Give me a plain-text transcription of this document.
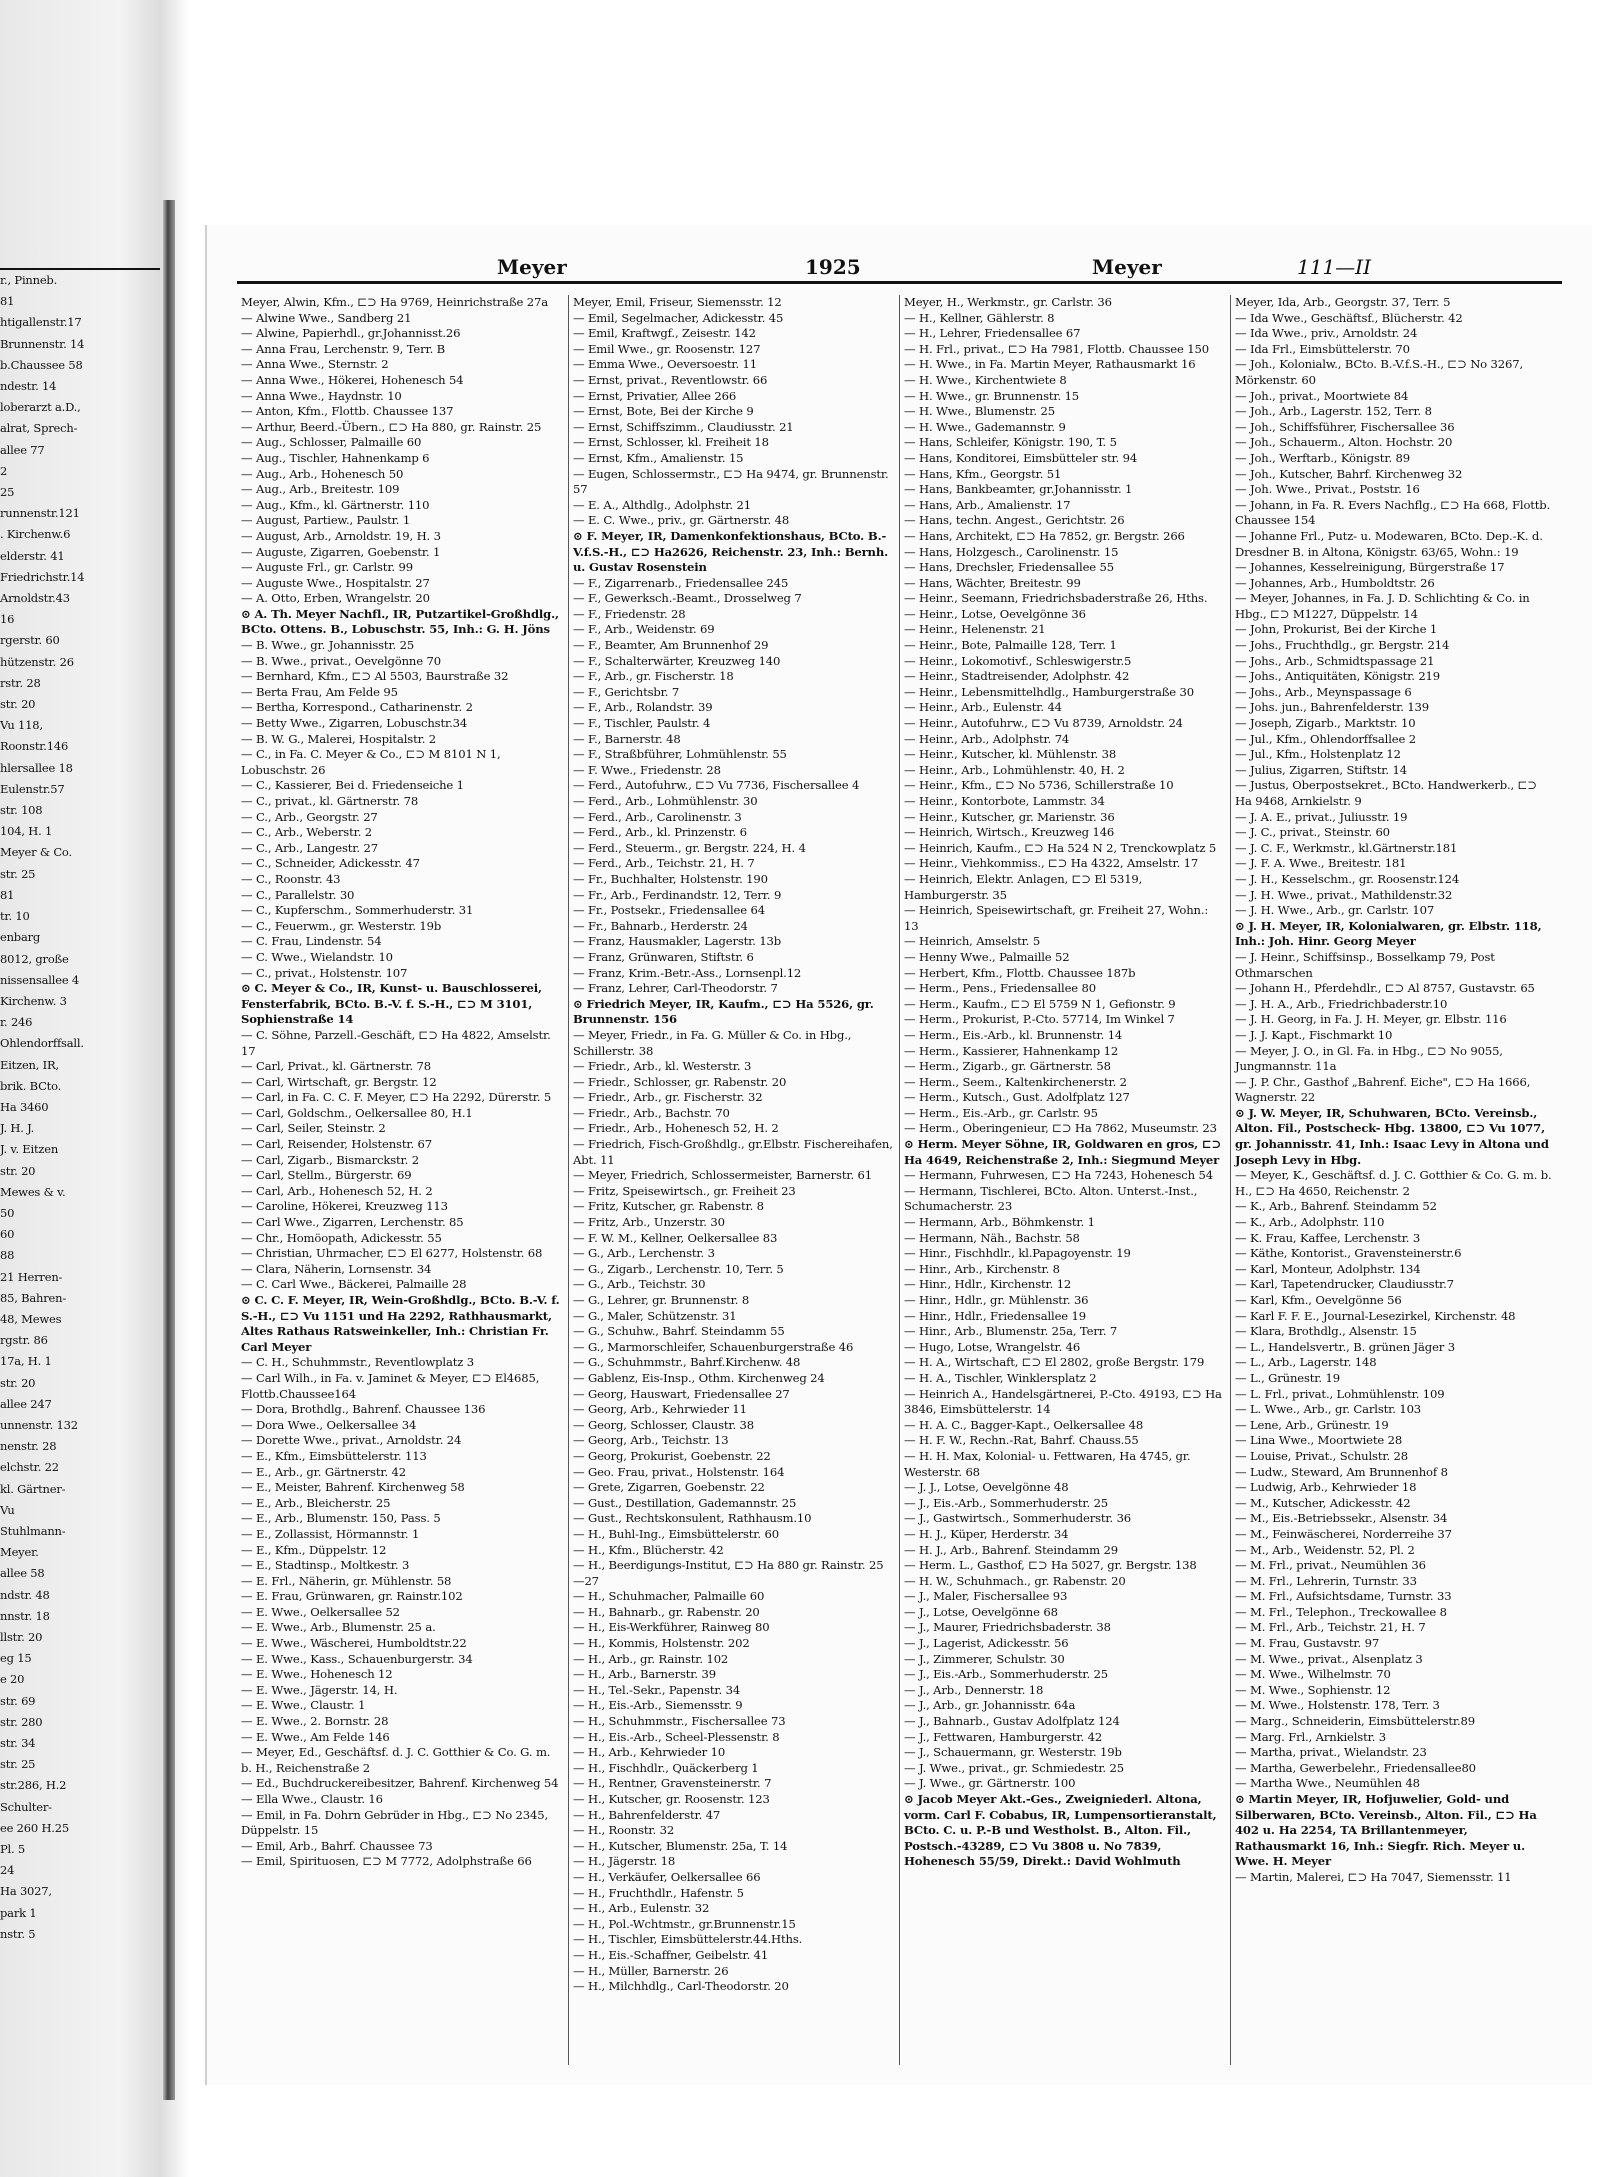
r., Pinneb.
81
htigallenstr.17
Brunnenstr. 14
b.Chaussee 58
ndestr. 14
loberarzt a.D.,
alrat, Sprech-
allee 77
2
25
runnenstr.121
. Kirchenw.6
elderstr. 41
Friedrichstr.14
Arnoldstr.43
16
rgerstr. 60
hützenstr. 26
rstr. 28
str. 20
Vu 118,
Roonstr.146
hlersallee 18
Eulenstr.57
str. 108
104, H. 1
Meyer & Co.
str. 25
81
tr. 10
enbarg
8012, große
nissensallee 4
Kirchenw. 3
r. 246
Ohlendorffsall.
Eitzen, IR,
brik. BCto.
Ha 3460
J. H. J.
J. v. Eitzen
str. 20
Mewes & v.
50
60
88
21 Herren-
85, Bahren-
48, Mewes
rgstr. 86
17a, H. 1
str. 20
allee 247
unnenstr. 132
nenstr. 28
elchstr. 22
kl. Gärtner-
Vu
Stuhlmann-
Meyer.
allee 58
ndstr. 48
nnstr. 18
llstr. 20
eg 15
e 20
str. 69
str. 280
str. 34
str. 25
str.286, H.2
Schulter-
ee 260 H.25
Pl. 5
24
Ha 3027,
park 1
nstr. 5
Meyer	1925	Meyer	111—II

Meyer, Alwin, Kfm., ⊏⊃ Ha 9769, Heinrichstraße 27a

— Alwine Wwe., Sandberg 21

— Alwine, Papierhdl., gr.Johannisst.26

— Anna Frau, Lerchenstr. 9, Terr. B

— Anna Wwe., Sternstr. 2

— Anna Wwe., Hökerei, Hohenesch 54

— Anna Wwe., Haydnstr. 10

— Anton, Kfm., Flottb. Chaussee 137

— Arthur, Beerd.-Übern., ⊏⊃ Ha 880, gr. Rainstr. 25

— Aug., Schlosser, Palmaille 60

— Aug., Tischler, Hahnenkamp 6

— Aug., Arb., Hohenesch 50

— Aug., Arb., Breitestr. 109

— Aug., Kfm., kl. Gärtnerstr. 110

— August, Partiew., Paulstr. 1

— August, Arb., Arnoldstr. 19, H. 3

— Auguste, Zigarren, Goebenstr. 1

— Auguste Frl., gr. Carlstr. 99

— Auguste Wwe., Hospitalstr. 27

— A. Otto, Erben, Wrangelstr. 20

⊙ A. Th. Meyer Nachfl., IR, Putzartikel-Großhdlg., BCto. Ottens. B., Lobuschstr. 55, Inh.: G. H. Jöns

— B. Wwe., gr. Johannisstr. 25

— B. Wwe., privat., Oevelgönne 70

— Bernhard, Kfm., ⊏⊃ Al 5503, Baurstraße 32

— Berta Frau, Am Felde 95

— Bertha, Korrespond., Catharinenstr. 2

— Betty Wwe., Zigarren, Lobuschstr.34

— B. W. G., Malerei, Hospitalstr. 2

— C., in Fa. C. Meyer & Co., ⊏⊃ M 8101 N 1, Lobuschstr. 26

— C., Kassierer, Bei d. Friedenseiche 1

— C., privat., kl. Gärtnerstr. 78

— C., Arb., Georgstr. 27

— C., Arb., Weberstr. 2

— C., Arb., Langestr. 27

— C., Schneider, Adickesstr. 47

— C., Roonstr. 43

— C., Parallelstr. 30

— C., Kupferschm., Sommerhuderstr. 31

— C., Feuerwm., gr. Westerstr. 19b

— C. Frau, Lindenstr. 54

— C. Wwe., Wielandstr. 10

— C., privat., Holstenstr. 107

⊙ C. Meyer & Co., IR, Kunst- u. Bauschlosserei, Fensterfabrik, BCto. B.-V. f. S.-H., ⊏⊃ M 3101, Sophienstraße 14

— C. Söhne, Parzell.-Geschäft, ⊏⊃ Ha 4822, Amselstr. 17

— Carl, Privat., kl. Gärtnerstr. 78

— Carl, Wirtschaft, gr. Bergstr. 12

— Carl, in Fa. C. C. F. Meyer, ⊏⊃ Ha 2292, Dürerstr. 5

— Carl, Goldschm., Oelkersallee 80, H.1

— Carl, Seiler, Steinstr. 2

— Carl, Reisender, Holstenstr. 67

— Carl, Zigarb., Bismarckstr. 2

— Carl, Stellm., Bürgerstr. 69

— Carl, Arb., Hohenesch 52, H. 2

— Caroline, Hökerei, Kreuzweg 113

— Carl Wwe., Zigarren, Lerchenstr. 85

— Chr., Homöopath, Adickesstr. 55

— Christian, Uhrmacher, ⊏⊃ El 6277, Holstenstr. 68

— Clara, Näherin, Lornsenstr. 34

— C. Carl Wwe., Bäckerei, Palmaille 28

⊙ C. C. F. Meyer, IR, Wein-Großhdlg., BCto. B.-V. f. S.-H., ⊏⊃ Vu 1151 und Ha 2292, Rathhausmarkt, Altes Rathaus Ratsweinkeller, Inh.: Christian Fr. Carl Meyer

— C. H., Schuhmmstr., Reventlowplatz 3

— Carl Wilh., in Fa. v. Jaminet & Meyer, ⊏⊃ El4685, Flottb.Chaussee164

— Dora, Brothdlg., Bahrenf. Chaussee 136

— Dora Wwe., Oelkersallee 34

— Dorette Wwe., privat., Arnoldstr. 24

— E., Kfm., Eimsbüttelerstr. 113

— E., Arb., gr. Gärtnerstr. 42

— E., Meister, Bahrenf. Kirchenweg 58

— E., Arb., Bleicherstr. 25

— E., Arb., Blumenstr. 150, Pass. 5

— E., Zollassist, Hörmannstr. 1

— E., Kfm., Düppelstr. 12

— E., Stadtinsp., Moltkestr. 3

— E. Frl., Näherin, gr. Mühlenstr. 58

— E. Frau, Grünwaren, gr. Rainstr.102

— E. Wwe., Oelkersallee 52

— E. Wwe., Arb., Blumenstr. 25 a.

— E. Wwe., Wäscherei, Humboldtstr.22

— E. Wwe., Kass., Schauenburgerstr. 34

— E. Wwe., Hohenesch 12

— E. Wwe., Jägerstr. 14, H.

— E. Wwe., Claustr. 1

— E. Wwe., 2. Bornstr. 28

— E. Wwe., Am Felde 146

— Meyer, Ed., Geschäftsf. d. J. C. Gotthier & Co. G. m. b. H., Reichenstraße 2

— Ed., Buchdruckereibesitzer, Bahrenf. Kirchenweg 54

— Ella Wwe., Claustr. 16

— Emil, in Fa. Dohrn Gebrüder in Hbg., ⊏⊃ No 2345, Düppelstr. 15

— Emil, Arb., Bahrf. Chaussee 73

— Emil, Spirituosen, ⊏⊃ M 7772, Adolphstraße 66

Meyer, Emil, Friseur, Siemensstr. 12

— Emil, Segelmacher, Adickesstr. 45

— Emil, Kraftwgf., Zeisestr. 142

— Emil Wwe., gr. Roosenstr. 127

— Emma Wwe., Oeversoestr. 11

— Ernst, privat., Reventlowstr. 66

— Ernst, Privatier, Allee 266

— Ernst, Bote, Bei der Kirche 9

— Ernst, Schiffszimm., Claudiusstr. 21

— Ernst, Schlosser, kl. Freiheit 18

— Ernst, Kfm., Amalienstr. 15

— Eugen, Schlossermstr., ⊏⊃ Ha 9474, gr. Brunnenstr. 57

— E. A., Althdlg., Adolphstr. 21

— E. C. Wwe., priv., gr. Gärtnerstr. 48

⊙ F. Meyer, IR, Damenkonfektionshaus, BCto. B.-V.f.S.-H., ⊏⊃ Ha2626, Reichenstr. 23, Inh.: Bernh. u. Gustav Rosenstein

— F., Zigarrenarb., Friedensallee 245

— F., Gewerksch.-Beamt., Drosselweg 7

— F., Friedenstr. 28

— F., Arb., Weidenstr. 69

— F., Beamter, Am Brunnenhof 29

— F., Schalterwärter, Kreuzweg 140

— F., Arb., gr. Fischerstr. 18

— F., Gerichtsbr. 7

— F., Arb., Rolandstr. 39

— F., Tischler, Paulstr. 4

— F., Barnerstr. 48

— F., Straßbführer, Lohmühlenstr. 55

— F. Wwe., Friedenstr. 28

— Ferd., Autofuhrw., ⊏⊃ Vu 7736, Fischersallee 4

— Ferd., Arb., Lohmühlenstr. 30

— Ferd., Arb., Carolinenstr. 3

— Ferd., Arb., kl. Prinzenstr. 6

— Ferd., Steuerm., gr. Bergstr. 224, H. 4

— Ferd., Arb., Teichstr. 21, H. 7

— Fr., Buchhalter, Holstenstr. 190

— Fr., Arb., Ferdinandstr. 12, Terr. 9

— Fr., Postsekr., Friedensallee 64

— Fr., Bahnarb., Herderstr. 24

— Franz, Hausmakler, Lagerstr. 13b

— Franz, Grünwaren, Stiftstr. 6

— Franz, Krim.-Betr.-Ass., Lornsenpl.12

— Franz, Lehrer, Carl-Theodorstr. 7

⊙ Friedrich Meyer, IR, Kaufm., ⊏⊃ Ha 5526, gr. Brunnenstr. 156

— Meyer, Friedr., in Fa. G. Müller & Co. in Hbg., Schillerstr. 38

— Friedr., Arb., kl. Westerstr. 3

— Friedr., Schlosser, gr. Rabenstr. 20

— Friedr., Arb., gr. Fischerstr. 32

— Friedr., Arb., Bachstr. 70

— Friedr., Arb., Hohenesch 52, H. 2

— Friedrich, Fisch-Großhdlg., gr.Elbstr. Fischereihafen, Abt. 11

— Meyer, Friedrich, Schlossermeister, Barnerstr. 61

— Fritz, Speisewirtsch., gr. Freiheit 23

— Fritz, Kutscher, gr. Rabenstr. 8

— Fritz, Arb., Unzerstr. 30

— F. W. M., Kellner, Oelkersallee 83

— G., Arb., Lerchenstr. 3

— G., Zigarb., Lerchenstr. 10, Terr. 5

— G., Arb., Teichstr. 30

— G., Lehrer, gr. Brunnenstr. 8

— G., Maler, Schützenstr. 31

— G., Schuhw., Bahrf. Steindamm 55

— G., Marmorschleifer, Schauenburgerstraße 46

— G., Schuhmmstr., Bahrf.Kirchenw. 48

— Gablenz, Eis-Insp., Othm. Kirchenweg 24

— Georg, Hauswart, Friedensallee 27

— Georg, Arb., Kehrwieder 11

— Georg, Schlosser, Claustr. 38

— Georg, Arb., Teichstr. 13

— Georg, Prokurist, Goebenstr. 22

— Geo. Frau, privat., Holstenstr. 164

— Grete, Zigarren, Goebenstr. 22

— Gust., Destillation, Gademannstr. 25

— Gust., Rechtskonsulent, Rathhausm.10

— H., Buhl-Ing., Eimsbüttelerstr. 60

— H., Kfm., Blücherstr. 42

— H., Beerdigungs-Institut, ⊏⊃ Ha 880 gr. Rainstr. 25—27

— H., Schuhmacher, Palmaille 60

— H., Bahnarb., gr. Rabenstr. 20

— H., Eis-Werkführer, Rainweg 80

— H., Kommis, Holstenstr. 202

— H., Arb., gr. Rainstr. 102

— H., Arb., Barnerstr. 39

— H., Tel.-Sekr., Papenstr. 34

— H., Eis.-Arb., Siemensstr. 9

— H., Schuhmmstr., Fischersallee 73

— H., Eis.-Arb., Scheel-Plessenstr. 8

— H., Arb., Kehrwieder 10

— H., Fischhdlr., Quäckerberg 1

— H., Rentner, Gravensteinerstr. 7

— H., Kutscher, gr. Roosenstr. 123

— H., Bahrenfelderstr. 47

— H., Roonstr. 32

— H., Kutscher, Blumenstr. 25a, T. 14

— H., Jägerstr. 18

— H., Verkäufer, Oelkersallee 66

— H., Fruchthdlr., Hafenstr. 5

— H., Arb., Eulenstr. 32

— H., Pol.-Wchtmstr., gr.Brunnenstr.15

— H., Tischler, Eimsbüttelerstr.44.Hths.

— H., Eis.-Schaffner, Geibelstr. 41

— H., Müller, Barnerstr. 26

— H., Milchhdlg., Carl-Theodorstr. 20

Meyer, H., Werkmstr., gr. Carlstr. 36

— H., Kellner, Gählerstr. 8

— H., Lehrer, Friedensallee 67

— H. Frl., privat., ⊏⊃ Ha 7981, Flottb. Chaussee 150

— H. Wwe., in Fa. Martin Meyer, Rathausmarkt 16

— H. Wwe., Kirchentwiete 8

— H. Wwe., gr. Brunnenstr. 15

— H. Wwe., Blumenstr. 25

— H. Wwe., Gademannstr. 9

— Hans, Schleifer, Königstr. 190, T. 5

— Hans, Konditorei, Eimsbütteler str. 94

— Hans, Kfm., Georgstr. 51

— Hans, Bankbeamter, gr.Johannisstr. 1

— Hans, Arb., Amalienstr. 17

— Hans, techn. Angest., Gerichtstr. 26

— Hans, Architekt, ⊏⊃ Ha 7852, gr. Bergstr. 266

— Hans, Holzgesch., Carolinenstr. 15

— Hans, Drechsler, Friedensallee 55

— Hans, Wächter, Breitestr. 99

— Heinr., Seemann, Friedrichsbaderstraße 26, Hths.

— Heinr., Lotse, Oevelgönne 36

— Heinr., Helenenstr. 21

— Heinr., Bote, Palmaille 128, Terr. 1

— Heinr., Lokomotivf., Schleswigerstr.5

— Heinr., Stadtreisender, Adolphstr. 42

— Heinr., Lebensmittelhdlg., Hamburgerstraße 30

— Heinr., Arb., Eulenstr. 44

— Heinr., Autofuhrw., ⊏⊃ Vu 8739, Arnoldstr. 24

— Heinr., Arb., Adolphstr. 74

— Heinr., Kutscher, kl. Mühlenstr. 38

— Heinr., Arb., Lohmühlenstr. 40, H. 2

— Heinr., Kfm., ⊏⊃ No 5736, Schillerstraße 10

— Heinr., Kontorbote, Lammstr. 34

— Heinr., Kutscher, gr. Marienstr. 36

— Heinrich, Wirtsch., Kreuzweg 146

— Heinrich, Kaufm., ⊏⊃ Ha 524 N 2, Trenckowplatz 5

— Heinr., Viehkommiss., ⊏⊃ Ha 4322, Amselstr. 17

— Heinrich, Elektr. Anlagen, ⊏⊃ El 5319, Hamburgerstr. 35

— Heinrich, Speisewirtschaft, gr. Freiheit 27, Wohn.: 13

— Heinrich, Amselstr. 5

— Henny Wwe., Palmaille 52

— Herbert, Kfm., Flottb. Chaussee 187b

— Herm., Pens., Friedensallee 80

— Herm., Kaufm., ⊏⊃ El 5759 N 1, Gefionstr. 9

— Herm., Prokurist, P.-Cto. 57714, Im Winkel 7

— Herm., Eis.-Arb., kl. Brunnenstr. 14

— Herm., Kassierer, Hahnenkamp 12

— Herm., Zigarb., gr. Gärtnerstr. 58

— Herm., Seem., Kaltenkirchenerstr. 2

— Herm., Kutsch., Gust. Adolfplatz 127

— Herm., Eis.-Arb., gr. Carlstr. 95

— Herm., Oberingenieur, ⊏⊃ Ha 7862, Museumstr. 23

⊙ Herm. Meyer Söhne, IR, Goldwaren en gros, ⊏⊃ Ha 4649, Reichenstraße 2, Inh.: Siegmund Meyer

— Hermann, Fuhrwesen, ⊏⊃ Ha 7243, Hohenesch 54

— Hermann, Tischlerei, BCto. Alton. Unterst.-Inst., Schumacherstr. 23

— Hermann, Arb., Böhmkenstr. 1

— Hermann, Näh., Bachstr. 58

— Hinr., Fischhdlr., kl.Papagoyenstr. 19

— Hinr., Arb., Kirchenstr. 8

— Hinr., Hdlr., Kirchenstr. 12

— Hinr., Hdlr., gr. Mühlenstr. 36

— Hinr., Hdlr., Friedensallee 19

— Hinr., Arb., Blumenstr. 25a, Terr. 7

— Hugo, Lotse, Wrangelstr. 46

— H. A., Wirtschaft, ⊏⊃ El 2802, große Bergstr. 179

— H. A., Tischler, Winklersplatz 2

— Heinrich A., Handelsgärtnerei, P.-Cto. 49193, ⊏⊃ Ha 3846, Eimsbüttelerstr. 14

— H. A. C., Bagger-Kapt., Oelkersallee 48

— H. F. W., Rechn.-Rat, Bahrf. Chauss.55

— H. H. Max, Kolonial- u. Fettwaren, Ha 4745, gr. Westerstr. 68

— J. J., Lotse, Oevelgönne 48

— J., Eis.-Arb., Sommerhuderstr. 25

— J., Gastwirtsch., Sommerhuderstr. 36

— H. J., Küper, Herderstr. 34

— H. J., Arb., Bahrenf. Steindamm 29

— Herm. L., Gasthof, ⊏⊃ Ha 5027, gr. Bergstr. 138

— H. W., Schuhmach., gr. Rabenstr. 20

— J., Maler, Fischersallee 93

— J., Lotse, Oevelgönne 68

— J., Maurer, Friedrichsbaderstr. 38

— J., Lagerist, Adickesstr. 56

— J., Zimmerer, Schulstr. 30

— J., Eis.-Arb., Sommerhuderstr. 25

— J., Arb., Dennerstr. 18

— J., Arb., gr. Johannisstr. 64a

— J., Bahnarb., Gustav Adolfplatz 124

— J., Fettwaren, Hamburgerstr. 42

— J., Schauermann, gr. Westerstr. 19b

— J. Wwe., privat., gr. Schmiedestr. 25

— J. Wwe., gr. Gärtnerstr. 100

⊙ Jacob Meyer Akt.-Ges., Zweigniederl. Altona, vorm. Carl F. Cobabus, IR, Lumpensortieranstalt, BCto. C. u. P.-B und Westholst. B., Alton. Fil., Postsch.-43289, ⊏⊃ Vu 3808 u. No 7839, Hohenesch 55/59, Direkt.: David Wohlmuth

Meyer, Ida, Arb., Georgstr. 37, Terr. 5

— Ida Wwe., Geschäftsf., Blücherstr. 42

— Ida Wwe., priv., Arnoldstr. 24

— Ida Frl., Eimsbüttelerstr. 70

— Joh., Kolonialw., BCto. B.-V.f.S.-H., ⊏⊃ No 3267, Mörkenstr. 60

— Joh., privat., Moortwiete 84

— Joh., Arb., Lagerstr. 152, Terr. 8

— Joh., Schiffsführer, Fischersallee 36

— Joh., Schauerm., Alton. Hochstr. 20

— Joh., Werftarb., Königstr. 89

— Joh., Kutscher, Bahrf. Kirchenweg 32

— Joh. Wwe., Privat., Poststr. 16

— Johann, in Fa. R. Evers Nachflg., ⊏⊃ Ha 668, Flottb. Chaussee 154

— Johanne Frl., Putz- u. Modewaren, BCto. Dep.-K. d. Dresdner B. in Altona, Königstr. 63/65, Wohn.: 19

— Johannes, Kesselreinigung, Bürgerstraße 17

— Johannes, Arb., Humboldtstr. 26

— Meyer, Johannes, in Fa. J. D. Schlichting & Co. in Hbg., ⊏⊃ M1227, Düppelstr. 14

— John, Prokurist, Bei der Kirche 1

— Johs., Fruchthdlg., gr. Bergstr. 214

— Johs., Arb., Schmidtspassage 21

— Johs., Antiquitäten, Königstr. 219

— Johs., Arb., Meynspassage 6

— Johs. jun., Bahrenfelderstr. 139

— Joseph, Zigarb., Marktstr. 10

— Jul., Kfm., Ohlendorffsallee 2

— Jul., Kfm., Holstenplatz 12

— Julius, Zigarren, Stiftstr. 14

— Justus, Oberpostsekret., BCto. Handwerkerb., ⊏⊃ Ha 9468, Arnkielstr. 9

— J. A. E., privat., Juliusstr. 19

— J. C., privat., Steinstr. 60

— J. C. F., Werkmstr., kl.Gärtnerstr.181

— J. F. A. Wwe., Breitestr. 181

— J. H., Kesselschm., gr. Roosenstr.124

— J. H. Wwe., privat., Mathildenstr.32

— J. H. Wwe., Arb., gr. Carlstr. 107

⊙ J. H. Meyer, IR, Kolonialwaren, gr. Elbstr. 118, Inh.: Joh. Hinr. Georg Meyer

— J. Heinr., Schiffsinsp., Bosselkamp 79, Post Othmarschen

— Johann H., Pferdehdlr., ⊏⊃ Al 8757, Gustavstr. 65

— J. H. A., Arb., Friedrichbaderstr.10

— J. H. Georg, in Fa. J. H. Meyer, gr. Elbstr. 116

— J. J. Kapt., Fischmarkt 10

— Meyer, J. O., in Gl. Fa. in Hbg., ⊏⊃ No 9055, Jungmannstr. 11a

— J. P. Chr., Gasthof „Bahrenf. Eiche", ⊏⊃ Ha 1666, Wagnerstr. 22

⊙ J. W. Meyer, IR, Schuhwaren, BCto. Vereinsb., Alton. Fil., Postscheck- Hbg. 13800, ⊏⊃ Vu 1077, gr. Johannisstr. 41, Inh.: Isaac Levy in Altona und Joseph Levy in Hbg.

— Meyer, K., Geschäftsf. d. J. C. Gotthier & Co. G. m. b. H., ⊏⊃ Ha 4650, Reichenstr. 2

— K., Arb., Bahrenf. Steindamm 52

— K., Arb., Adolphstr. 110

— K. Frau, Kaffee, Lerchenstr. 3

— Käthe, Kontorist., Gravensteinerstr.6

— Karl, Monteur, Adolphstr. 134

— Karl, Tapetendrucker, Claudiusstr.7

— Karl, Kfm., Oevelgönne 56

— Karl F. F. E., Journal-Lesezirkel, Kirchenstr. 48

— Klara, Brothdlg., Alsenstr. 15

— L., Handelsvertr., B. grünen Jäger 3

— L., Arb., Lagerstr. 148

— L., Grünestr. 19

— L. Frl., privat., Lohmühlenstr. 109

— L. Wwe., Arb., gr. Carlstr. 103

— Lene, Arb., Grünestr. 19

— Lina Wwe., Moortwiete 28

— Louise, Privat., Schulstr. 28

— Ludw., Steward, Am Brunnenhof 8

— Ludwig, Arb., Kehrwieder 18

— M., Kutscher, Adickesstr. 42

— M., Eis.-Betriebssekr., Alsenstr. 34

— M., Feinwäscherei, Norderreihe 37

— M., Arb., Weidenstr. 52, Pl. 2

— M. Frl., privat., Neumühlen 36

— M. Frl., Lehrerin, Turnstr. 33

— M. Frl., Aufsichtsdame, Turnstr. 33

— M. Frl., Telephon., Treckowallee 8

— M. Frl., Arb., Teichstr. 21, H. 7

— M. Frau, Gustavstr. 97

— M. Wwe., privat., Alsenplatz 3

— M. Wwe., Wilhelmstr. 70

— M. Wwe., Sophienstr. 12

— M. Wwe., Holstenstr. 178, Terr. 3

— Marg., Schneiderin, Eimsbüttelerstr.89

— Marg. Frl., Arnkielstr. 3

— Martha, privat., Wielandstr. 23

— Martha, Gewerbelehr., Friedensallee80

— Martha Wwe., Neumühlen 48

⊙ Martin Meyer, IR, Hofjuwelier, Gold- und Silberwaren, BCto. Vereinsb., Alton. Fil., ⊏⊃ Ha 402 u. Ha 2254, TA Brillantenmeyer, Rathausmarkt 16, Inh.: Siegfr. Rich. Meyer u. Wwe. H. Meyer

— Martin, Malerei, ⊏⊃ Ha 7047, Siemensstr. 11
